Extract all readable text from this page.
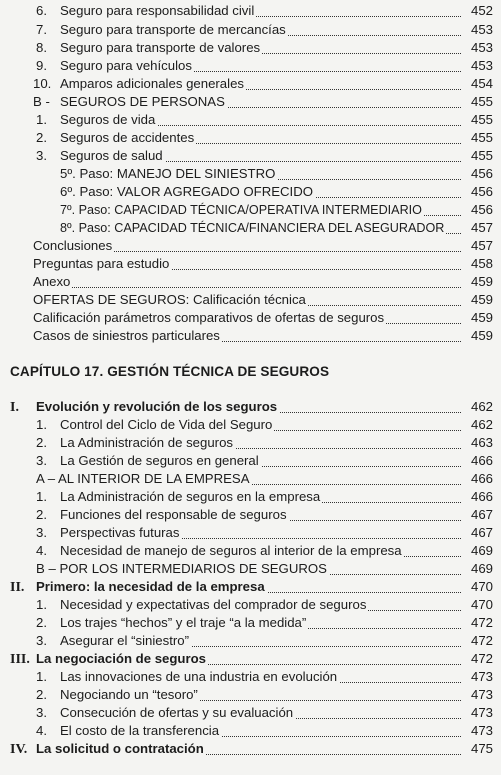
6. Seguro para responsabilidad civil	452
7. Seguro para transporte de mercancías	453
8. Seguro para transporte de valores	453
9. Seguro para vehículos	453
10. Amparos adicionales generales	454
B - SEGUROS DE PERSONAS	455
1. Seguros de vida	455
2. Seguros de accidentes	455
3. Seguros de salud	455
5º. Paso: MANEJO DEL SINIESTRO	456
6º. Paso: VALOR AGREGADO OFRECIDO	456
7º. Paso: CAPACIDAD TÉCNICA/OPERATIVA INTERMEDIARIO	456
8º. Paso: CAPACIDAD TÉCNICA/FINANCIERA DEL ASEGURADOR 457
Conclusiones	457
Preguntas para estudio	458
Anexo	459
OFERTAS DE SEGUROS: Calificación técnica	459
Calificación parámetros comparativos de ofertas de seguros	459
Casos de siniestros particulares	459
CAPÍTULO 17. GESTIÓN TÉCNICA DE SEGUROS
I. Evolución y revolución de los seguros	462
1. Control del Ciclo de Vida del Seguro	462
2. La Administración de seguros	463
3. La Gestión de seguros en general	466
A – AL INTERIOR DE LA EMPRESA	466
1. La Administración de seguros en la empresa	466
2. Funciones del responsable de seguros	467
3. Perspectivas futuras	467
4. Necesidad de manejo de seguros al interior de la empresa	469
B – POR LOS INTERMEDIARIOS DE SEGUROS	469
II. Primero: la necesidad de la empresa	470
1. Necesidad y expectativas del comprador de seguros	470
2. Los trajes “hechos” y el traje “a la medida”	472
3. Asegurar el “siniestro”	472
III. La negociación de seguros	472
1. Las innovaciones de una industria en evolución	473
2. Negociando un “tesoro”	473
3. Consecución de ofertas y su evaluación	473
4. El costo de la transferencia	473
IV. La solicitud o contratación	475
